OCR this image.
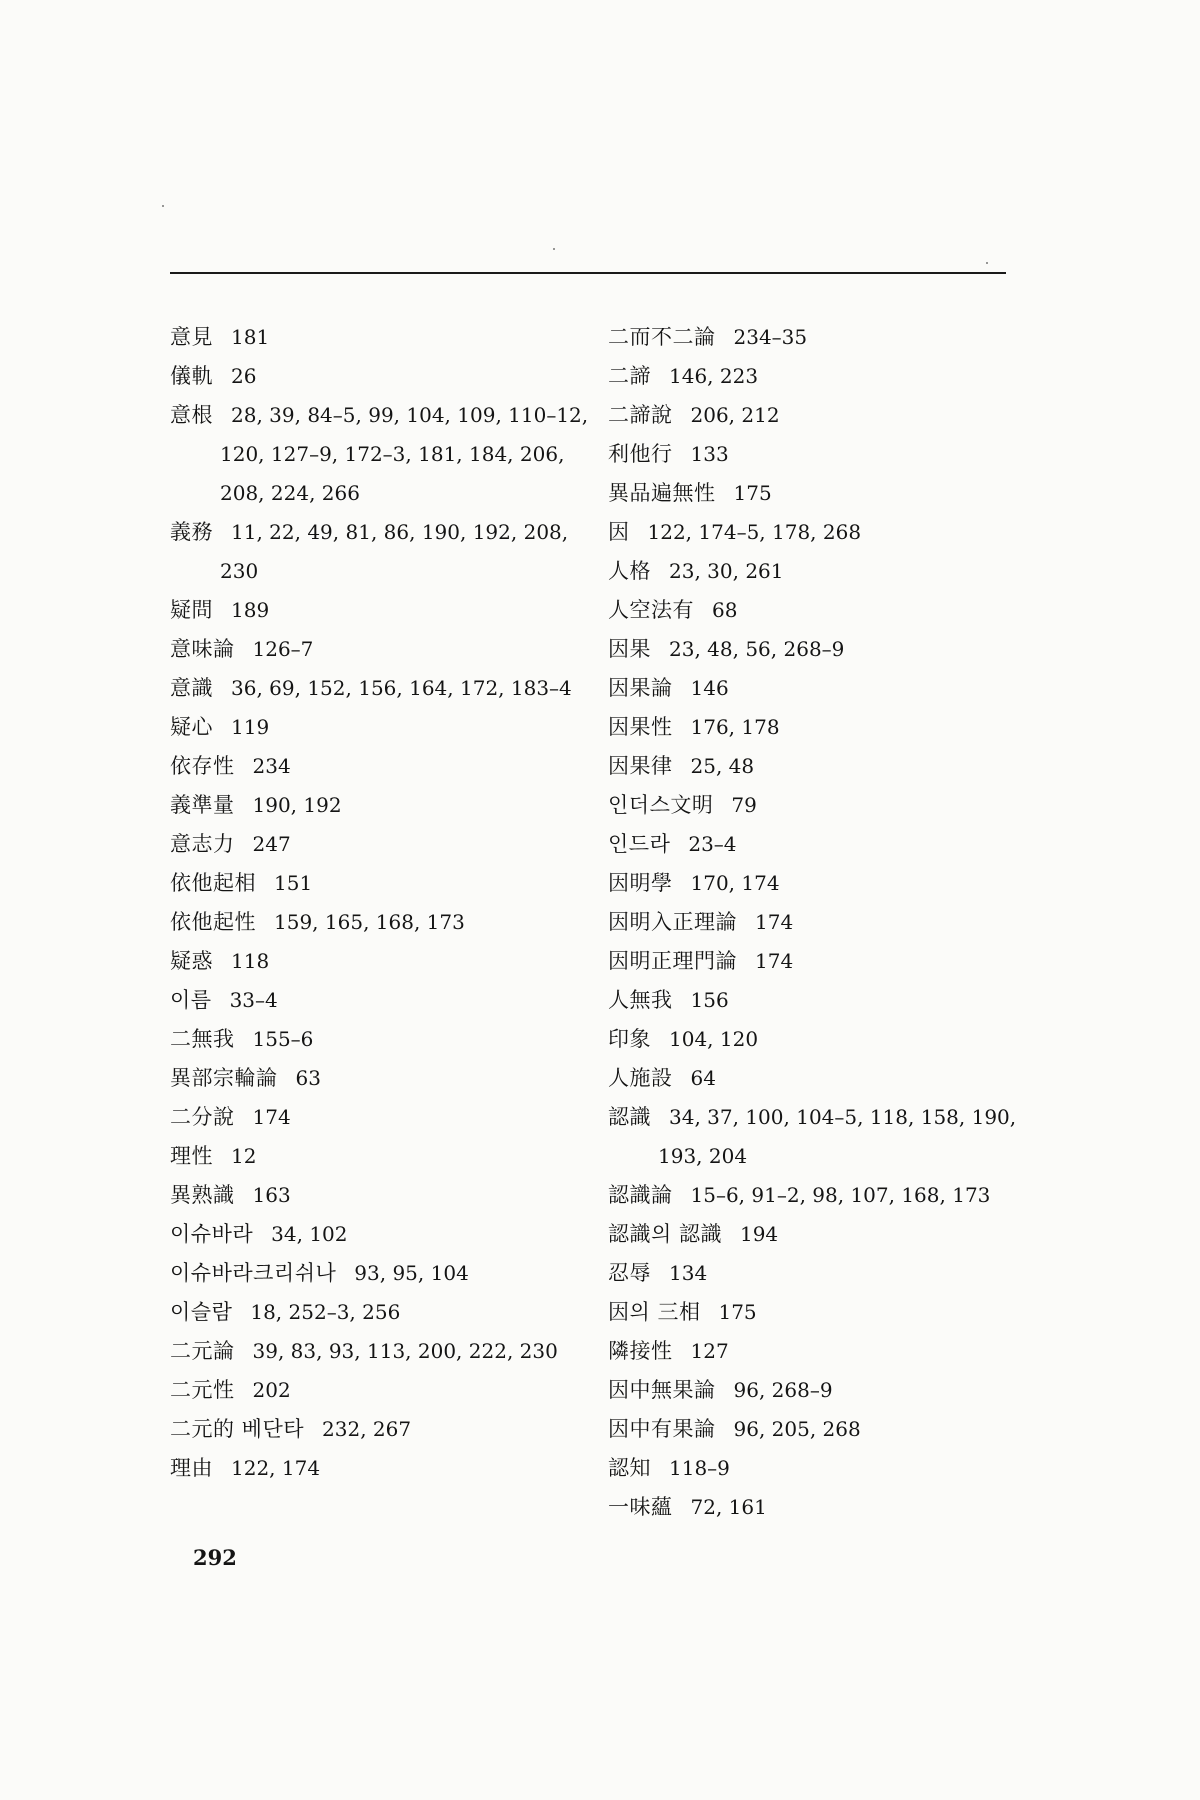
意見 181
儀軌 26
意根 28, 39, 84–5, 99, 104, 109, 110–12, 120, 127–9, 172–3, 181, 184, 206, 208, 224, 266
義務 11, 22, 49, 81, 86, 190, 192, 208, 230
疑問 189
意味論 126–7
意識 36, 69, 152, 156, 164, 172, 183–4
疑心 119
依存性 234
義準量 190, 192
意志力 247
依他起相 151
依他起性 159, 165, 168, 173
疑惑 118
이름 33–4
二無我 155–6
異部宗輪論 63
二分說 174
理性 12
異熟識 163
이슈바라 34, 102
이슈바라크리쉬나 93, 95, 104
이슬람 18, 252–3, 256
二元論 39, 83, 93, 113, 200, 222, 230
二元性 202
二元的 베단타 232, 267
理由 122, 174
二而不二論 234–35
二諦 146, 223
二諦說 206, 212
利他行 133
異品遍無性 175
因 122, 174–5, 178, 268
人格 23, 30, 261
人空法有 68
因果 23, 48, 56, 268–9
因果論 146
因果性 176, 178
因果律 25, 48
인더스文明 79
인드라 23–4
因明學 170, 174
因明入正理論 174
因明正理門論 174
人無我 156
印象 104, 120
人施設 64
認識 34, 37, 100, 104–5, 118, 158, 190, 193, 204
認識論 15–6, 91–2, 98, 107, 168, 173
認識의 認識 194
忍辱 134
因의 三相 175
隣接性 127
因中無果論 96, 268–9
因中有果論 96, 205, 268
認知 118–9
一味蘊 72, 161
292
